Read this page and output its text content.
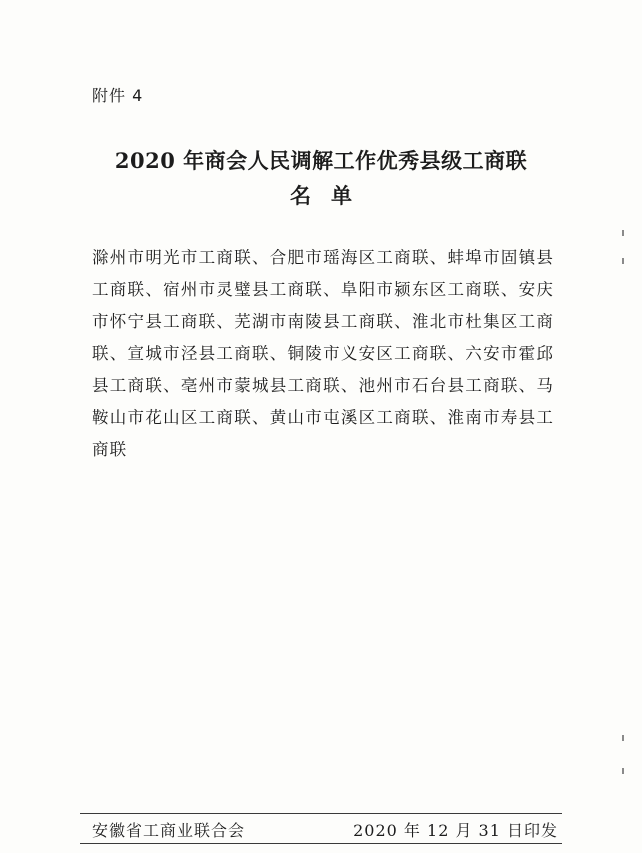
附件 4
2020 年商会人民调解工作优秀县级工商联
名单
滁州市明光市工商联、合肥市瑶海区工商联、蚌埠市固镇县工商联、宿州市灵璧县工商联、阜阳市颍东区工商联、安庆市怀宁县工商联、芜湖市南陵县工商联、淮北市杜集区工商联、宣城市泾县工商联、铜陵市义安区工商联、六安市霍邱县工商联、亳州市蒙城县工商联、池州市石台县工商联、马鞍山市花山区工商联、黄山市屯溪区工商联、淮南市寿县工商联
安徽省工商业联合会	2020 年 12 月 31 日印发
